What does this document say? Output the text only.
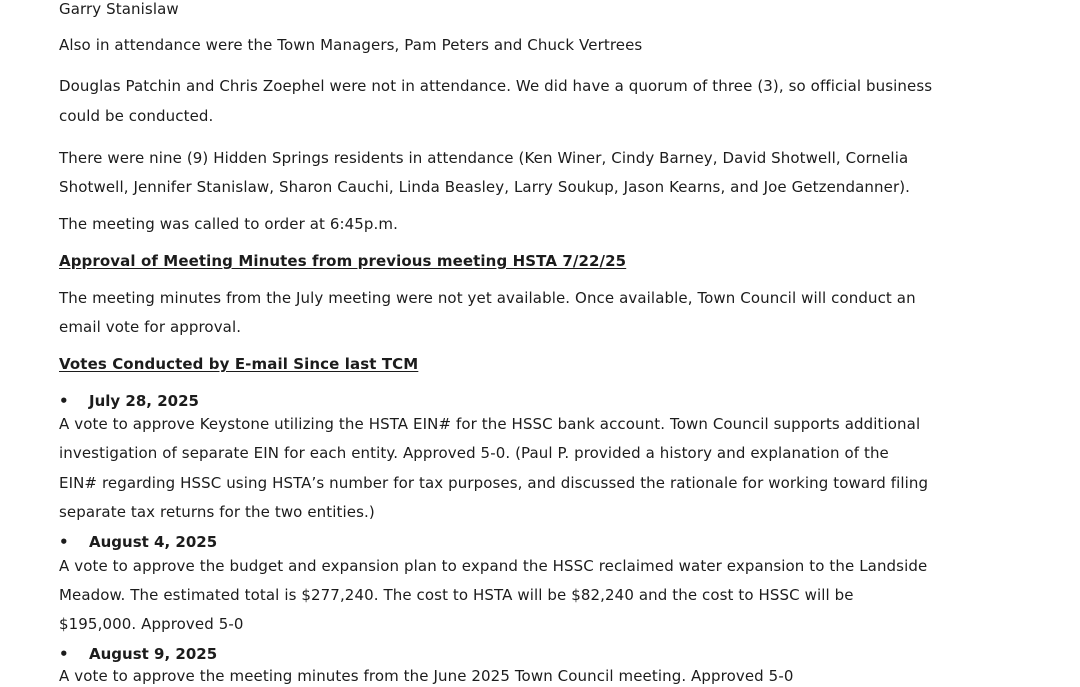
Garry Stanislaw
Also in attendance were the Town Managers, Pam Peters and Chuck Vertrees
Douglas Patchin and Chris Zoephel were not in attendance. We did have a quorum of three (3), so official business
could be conducted.
There were nine (9) Hidden Springs residents in attendance (Ken Winer, Cindy Barney, David Shotwell, Cornelia
Shotwell, Jennifer Stanislaw, Sharon Cauchi, Linda Beasley, Larry Soukup, Jason Kearns, and Joe Getzendanner).
The meeting was called to order at 6:45p.m.
Approval of Meeting Minutes from previous meeting HSTA 7/22/25
The meeting minutes from the July meeting were not yet available. Once available, Town Council will conduct an
email vote for approval.
Votes Conducted by E-mail Since last TCM
• July 28, 2025
A vote to approve Keystone utilizing the HSTA EIN# for the HSSC bank account. Town Council supports additional
investigation of separate EIN for each entity. Approved 5-0. (Paul P. provided a history and explanation of the
EIN# regarding HSSC using HSTA’s number for tax purposes, and discussed the rationale for working toward filing
separate tax returns for the two entities.)
• August 4, 2025
A vote to approve the budget and expansion plan to expand the HSSC reclaimed water expansion to the Landside
Meadow. The estimated total is $277,240. The cost to HSTA will be $82,240 and the cost to HSSC will be
$195,000. Approved 5-0
• August 9, 2025
A vote to approve the meeting minutes from the June 2025 Town Council meeting. Approved 5-0
